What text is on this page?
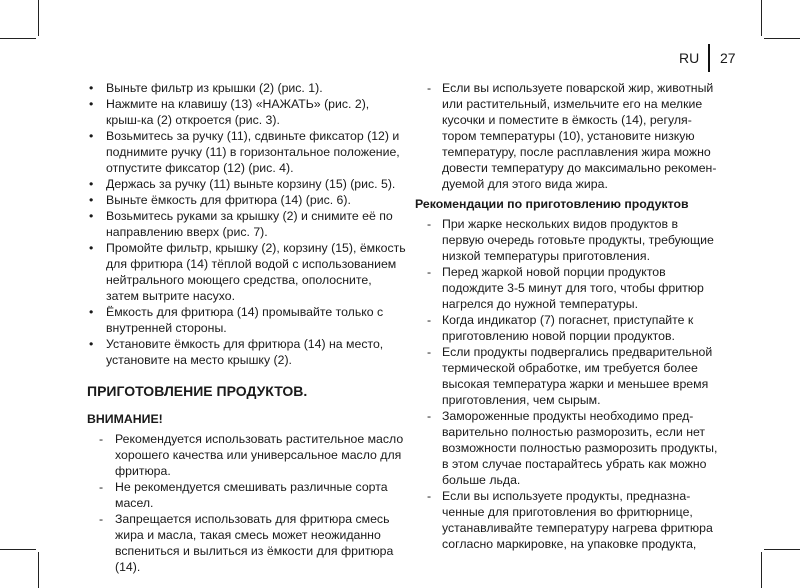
RU 27
• Выньте фильтр из крышки (2) (рис. 1).
• Нажмите на клавишу (13) «НАЖАТЬ» (рис. 2), крыш-ка (2) откроется (рис. 3).
• Возьмитесь за ручку (11), сдвиньте фиксатор (12) и поднимите ручку (11) в горизонтальное положение, отпустите фиксатор (12) (рис. 4).
• Держась за ручку (11) выньте корзину (15) (рис. 5).
• Выньте ёмкость для фритюра (14) (рис. 6).
• Возьмитесь руками за крышку (2) и снимите её по направлению вверх (рис. 7).
• Промойте фильтр, крышку (2), корзину (15), ёмкость для фритюра (14) тёплой водой с использованием нейтрального моющего средства, ополосните, затем вытрите насухо.
• Ёмкость для фритюра (14) промывайте только с внутренней стороны.
• Установите ёмкость для фритюра (14) на место, установите на место крышку (2).
ПРИГОТОВЛЕНИЕ ПРОДУКТОВ.
ВНИМАНИЕ!
- Рекомендуется использовать растительное масло хорошего качества или универсальное масло для фритюра.
- Не рекомендуется смешивать различные сорта масел.
- Запрещается использовать для фритюра смесь жира и масла, такая смесь может неожиданно вспениться и вылиться из ёмкости для фритюра (14).
- Если вы используете поварской жир, животный или растительный, измельчите его на мелкие кусочки и поместите в ёмкость (14), регуля-тором температуры (10), установите низкую температуру, после расплавления жира можно довести температуру до максимально рекомен-дуемой для этого вида жира.
Рекомендации по приготовлению продуктов
- При жарке нескольких видов продуктов в первую очередь готовьте продукты, требующие низкой температуры приготовления.
- Перед жаркой новой порции продуктов подождите 3-5 минут для того, чтобы фритюр нагрелся до нужной температуры.
- Когда индикатор (7) погаснет, приступайте к приготовлению новой порции продуктов.
- Если продукты подвергались предварительной термической обработке, им требуется более высокая температура жарки и меньшее время приготовления, чем сырым.
- Замороженные продукты необходимо пред-варительно полностью разморозить, если нет возможности полностью разморозить продукты, в этом случае постарайтесь убрать как можно больше льда.
- Если вы используете продукты, предназна-ченные для приготовления во фритюрнице, устанавливайте температуру нагрева фритюра согласно маркировке, на упаковке продукта,
